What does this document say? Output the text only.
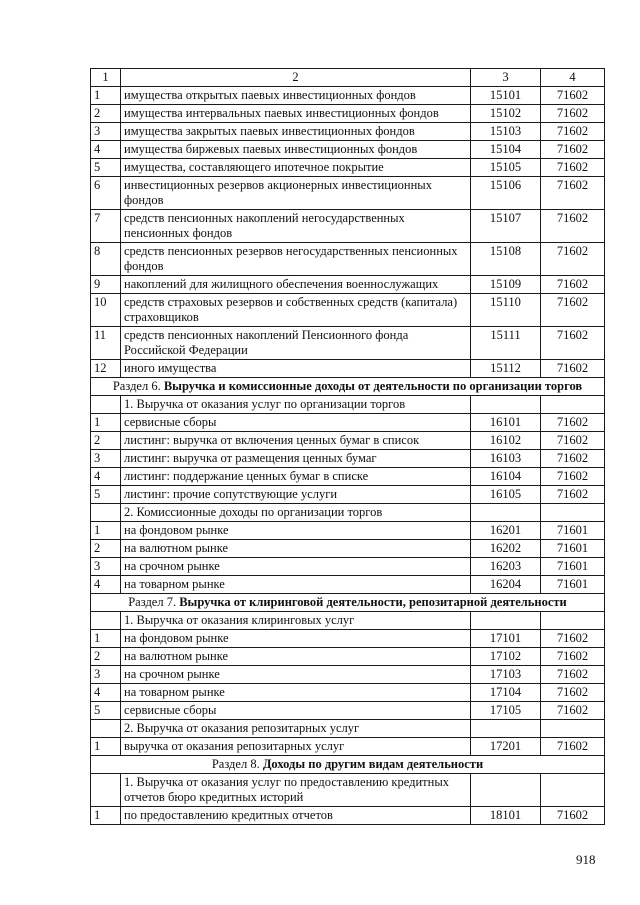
1	2	3	4
1	имущества открытых паевых инвестиционных фондов	15101	71602
2	имущества интервальных паевых инвестиционных фондов	15102	71602
3	имущества закрытых паевых инвестиционных фондов	15103	71602
4	имущества биржевых паевых инвестиционных фондов	15104	71602
5	имущества, составляющего ипотечное покрытие	15105	71602
6	инвестиционных резервов акционерных инвестиционных фондов	15106	71602
7	средств пенсионных накоплений негосударственных пенсионных фондов	15107	71602
8	средств пенсионных резервов негосударственных пенсионных фондов	15108	71602
9	накоплений для жилищного обеспечения военнослужащих	15109	71602
10	средств страховых резервов и собственных средств (капитала) страховщиков	15110	71602
11	средств пенсионных накоплений Пенсионного фонда Российской Федерации	15111	71602
12	иного имущества	15112	71602
Раздел 6. Выручка и комиссионные доходы от деятельности по организации торгов			
	1. Выручка от оказания услуг по организации торгов		
1	сервисные сборы	16101	71602
2	листинг: выручка от включения ценных бумаг в список	16102	71602
3	листинг: выручка от размещения ценных бумаг	16103	71602
4	листинг: поддержание ценных бумаг в списке	16104	71602
5	листинг: прочие сопутствующие услуги	16105	71602
	2. Комиссионные доходы по организации торгов		
1	на фондовом рынке	16201	71601
2	на валютном рынке	16202	71601
3	на срочном рынке	16203	71601
4	на товарном рынке	16204	71601
Раздел 7. Выручка от клиринговой деятельности, репозитарной деятельности			
	1. Выручка от оказания клиринговых услуг		
1	на фондовом рынке	17101	71602
2	на валютном рынке	17102	71602
3	на срочном рынке	17103	71602
4	на товарном рынке	17104	71602
5	сервисные сборы	17105	71602
	2. Выручка от оказания репозитарных услуг		
1	выручка от оказания репозитарных услуг	17201	71602
Раздел 8. Доходы по другим видам деятельности			
	1. Выручка от оказания услуг по предоставлению кредитных отчетов бюро кредитных историй		
1	по предоставлению кредитных отчетов	18101	71602
918
